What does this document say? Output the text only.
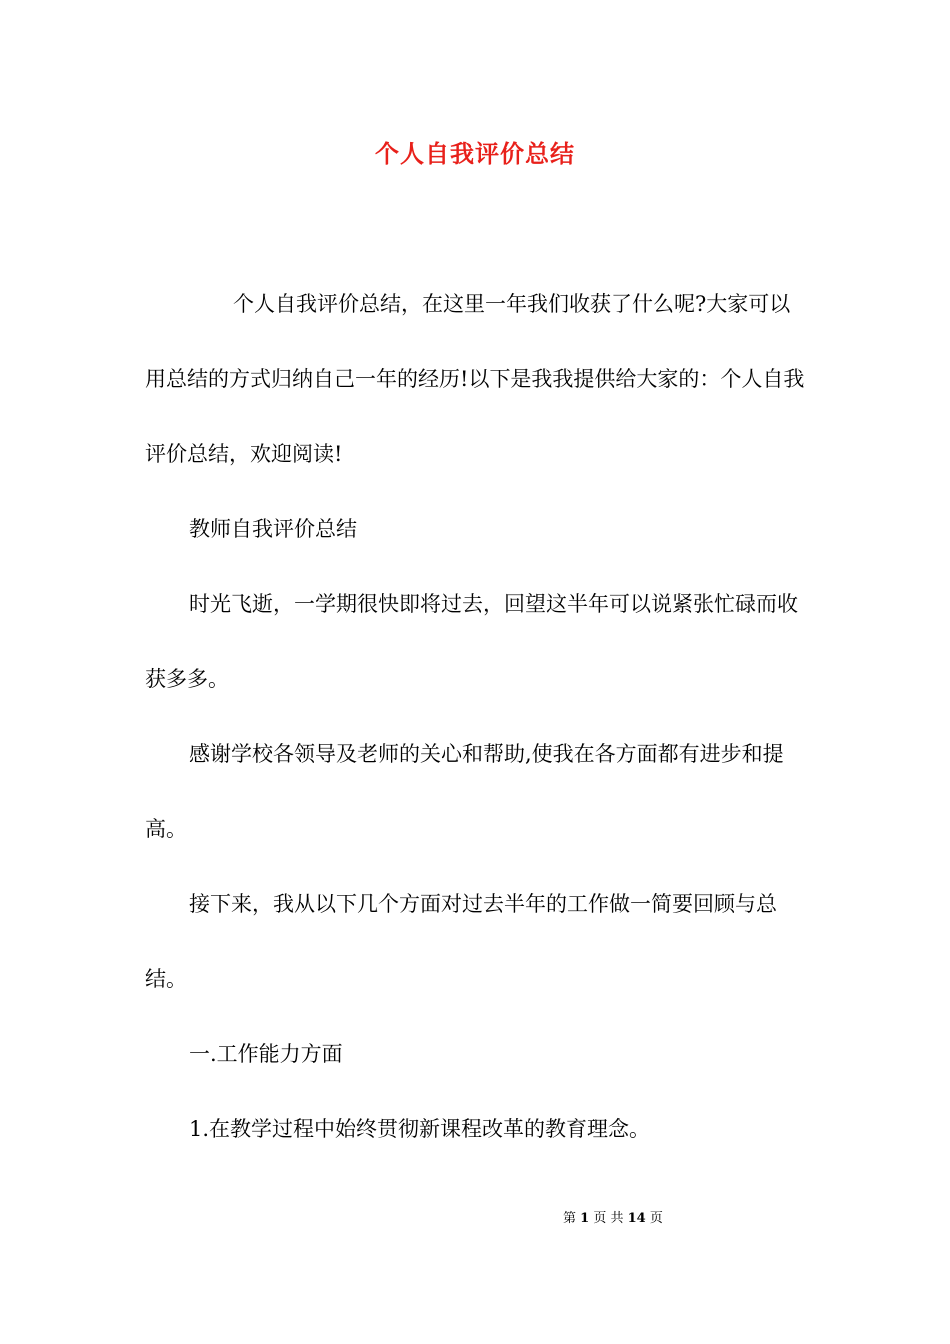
个人自我评价总结

个人自我评价总结，在这里一年我们收获了什么呢?大家可以用总结的方式归纳自己一年的经历!以下是我我提供给大家的：个人自我评价总结，欢迎阅读!

教师自我评价总结

时光飞逝，一学期很快即将过去，回望这半年可以说紧张忙碌而收获多多。

感谢学校各领导及老师的关心和帮助,使我在各方面都有进步和提高。

接下来，我从以下几个方面对过去半年的工作做一简要回顾与总结。

一.工作能力方面

1.在教学过程中始终贯彻新课程改革的教育理念。

第 1 页 共 14 页
